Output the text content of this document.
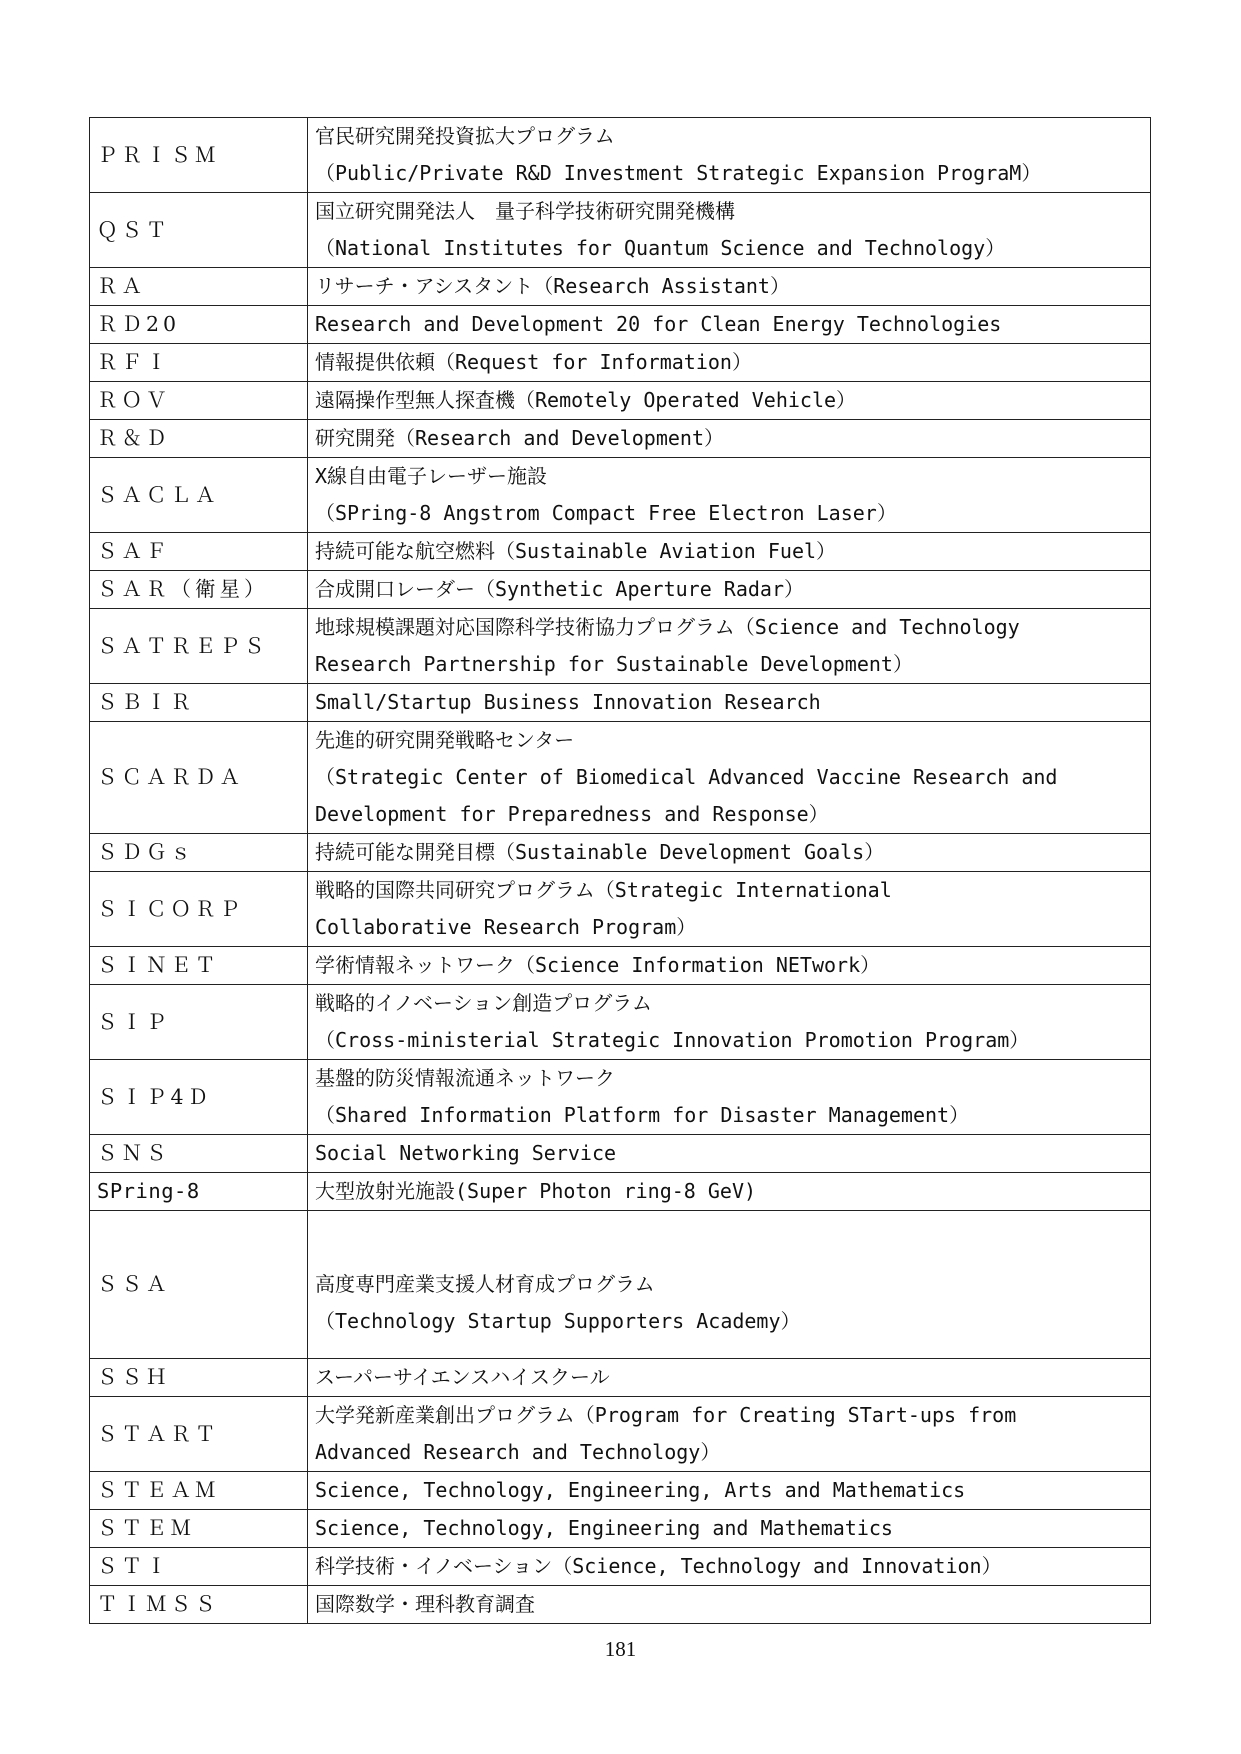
ＰＲＩＳＭ	官民研究開発投資拡大プログラム
（Public/Private R&D Investment Strategic Expansion PrograM）

ＱＳＴ	国立研究開発法人　量子科学技術研究開発機構
（National Institutes for Quantum Science and Technology）

ＲＡ	リサーチ・アシスタント（Research Assistant）

ＲＤ20	Research and Development 20 for Clean Energy Technologies

ＲＦＩ	情報提供依頼（Request for Information）

ＲＯＶ	遠隔操作型無人探査機（Remotely Operated Vehicle）

Ｒ＆Ｄ	研究開発（Research and Development）

ＳＡＣＬＡ	X線自由電子レーザー施設
（SPring-8 Angstrom Compact Free Electron Laser）

ＳＡＦ	持続可能な航空燃料（Sustainable Aviation Fuel）

ＳＡＲ（衛星）	合成開口レーダー（Synthetic Aperture Radar）

ＳＡＴＲＥＰＳ	地球規模課題対応国際科学技術協力プログラム（Science and Technology
Research Partnership for Sustainable Development）

ＳＢＩＲ	Small/Startup Business Innovation Research

ＳＣＡＲＤＡ	先進的研究開発戦略センター
（Strategic Center of Biomedical Advanced Vaccine Research and
Development for Preparedness and Response）

ＳＤＧｓ	持続可能な開発目標（Sustainable Development Goals）

ＳＩＣＯＲＰ	戦略的国際共同研究プログラム（Strategic International
Collaborative Research Program）

ＳＩＮＥＴ	学術情報ネットワーク（Science Information NETwork）

ＳＩＰ	戦略的イノベーション創造プログラム
（Cross-ministerial Strategic Innovation Promotion Program）

ＳＩＰ4Ｄ	基盤的防災情報流通ネットワーク
（Shared Information Platform for Disaster Management）

ＳＮＳ	Social Networking Service

SPring-8	大型放射光施設(Super Photon ring-8 GeV)

ＳＳＡ	高度専門産業支援人材育成プログラム
（Technology Startup Supporters Academy）

ＳＳＨ	スーパーサイエンスハイスクール

ＳＴＡＲＴ	大学発新産業創出プログラム（Program for Creating STart-ups from
Advanced Research and Technology）

ＳＴＥＡＭ	Science, Technology, Engineering, Arts and Mathematics

ＳＴＥＭ	Science, Technology, Engineering and Mathematics

ＳＴＩ	科学技術・イノベーション（Science, Technology and Innovation）

ＴＩＭＳＳ	国際数学・理科教育調査
181
